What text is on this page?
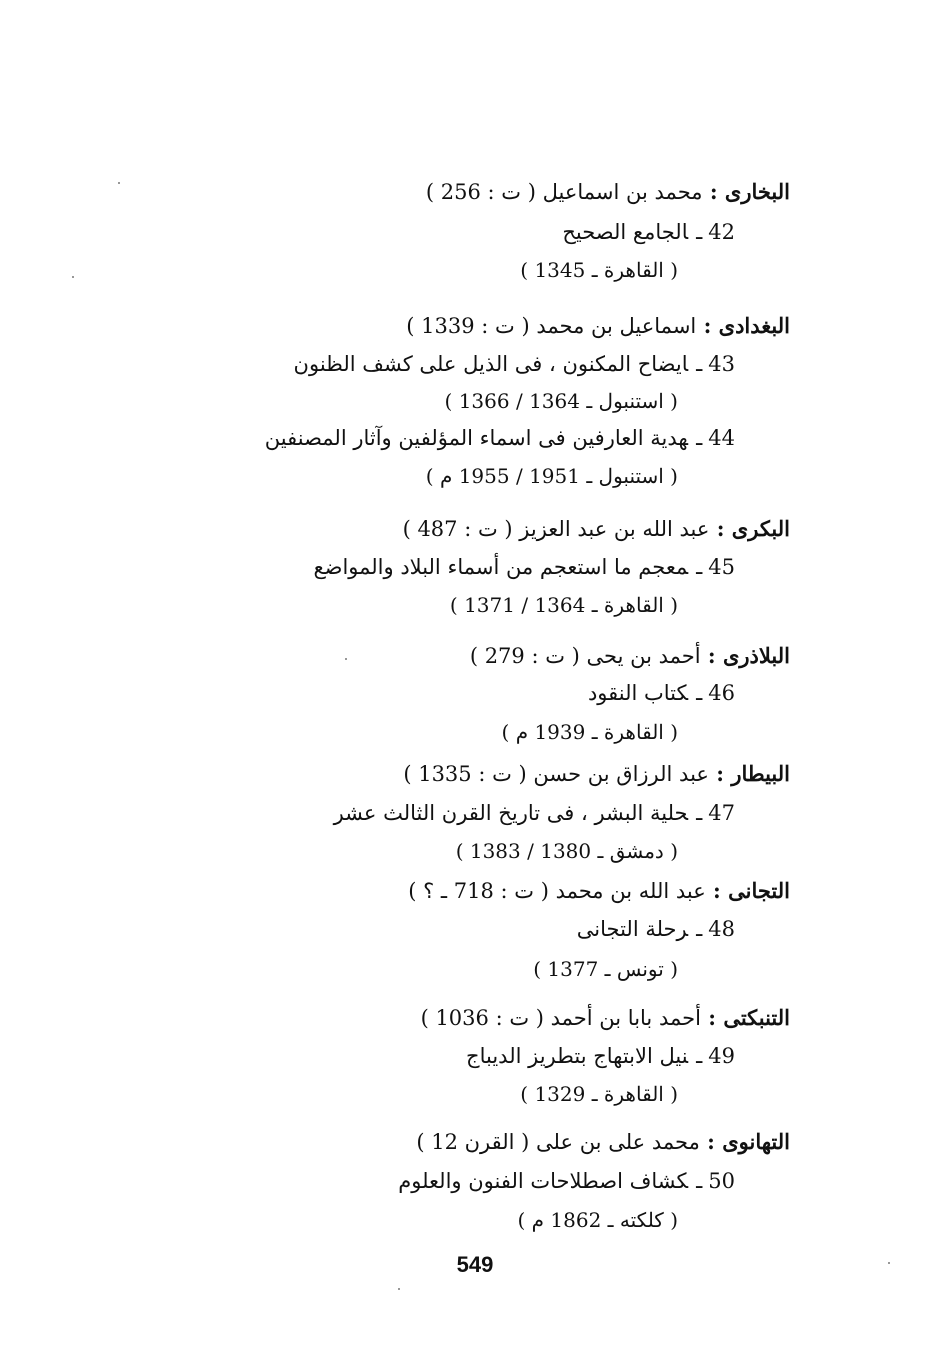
البخارى : محمد بن اسماعيل ( ت : 256 )
42ـالجامع الصحيح
( القاهرة ـ 1345 )
البغدادى : اسماعيل بن محمد ( ت : 1339 )
43ـايضاح المكنون ، فى الذيل على كشف الظنون
( استنبول ـ 1364 / 1366 )
44ـهدية العارفين فى اسماء المؤلفين وآثار المصنفين
( استنبول ـ 1951 / 1955 م )
البكرى : عبد الله بن عبد العزيز ( ت : 487 )
45ـمعجم ما استعجم من أسماء البلاد والمواضع
( القاهرة ـ 1364 / 1371 )
البلاذرى : أحمد بن يحى ( ت : 279 )
46ـكتاب النقود
( القاهرة ـ 1939 م )
البيطار : عبد الرزاق بن حسن ( ت : 1335 )
47ـحلية البشر ، فى تاريخ القرن الثالث عشر
( دمشق ـ 1380 / 1383 )
التجانى : عبد الله بن محمد ( ت : 718 ـ ؟ )
48ـرحلة التجانى
( تونس ـ 1377 )
التنبكتى : أحمد بابا بن أحمد ( ت : 1036 )
49ـنيل الابتهاج بتطريز الديباج
( القاهرة ـ 1329 )
التهانوى : محمد على بن على ( القرن 12 )
50ـكشاف اصطلاحات الفنون والعلوم
( كلكته ـ 1862 م )
549
